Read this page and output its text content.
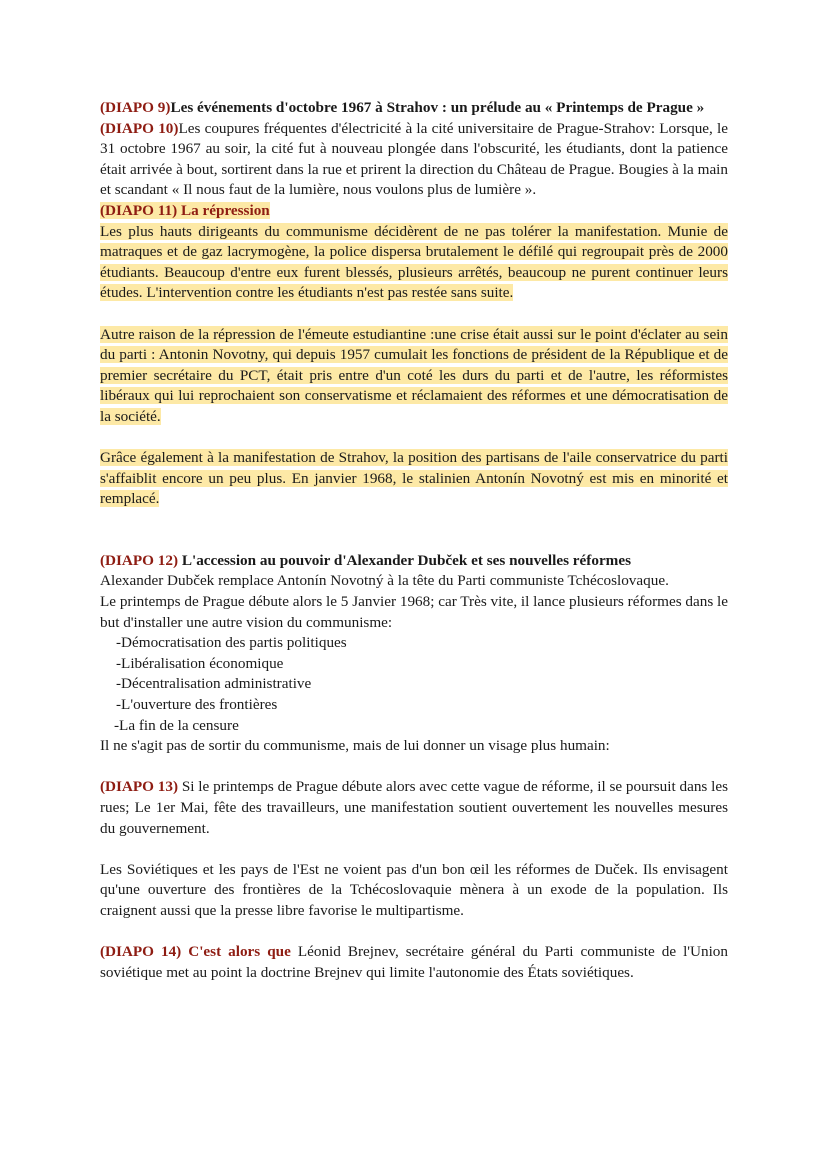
(DIAPO 9)Les événements d'octobre 1967 à Strahov : un prélude au « Printemps de Prague »

(DIAPO 10)Les coupures fréquentes d'électricité à la cité universitaire de Prague-Strahov: Lorsque, le 31 octobre 1967 au soir, la cité fut à nouveau plongée dans l'obscurité, les étudiants, dont la patience était arrivée à bout, sortirent dans la rue et prirent la direction du Château de Prague. Bougies à la main et scandant « Il nous faut de la lumière, nous voulons plus de lumière ».

(DIAPO 11) La répression

Les plus hauts dirigeants du communisme décidèrent de ne pas tolérer la manifestation. Munie de matraques et de gaz lacrymogène, la police dispersa brutalement le défilé qui regroupait près de 2000 étudiants. Beaucoup d'entre eux furent blessés, plusieurs arrêtés, beaucoup ne purent continuer leurs études. L'intervention contre les étudiants n'est pas restée sans suite.

Autre raison de la répression de l'émeute estudiantine :une crise était aussi sur le point d'éclater au sein du parti : Antonin Novotny, qui depuis 1957 cumulait les fonctions de président de la République et de premier secrétaire du PCT, était pris entre d'un coté les durs du parti et de l'autre, les réformistes libéraux qui lui reprochaient son conservatisme et réclamaient des réformes et une démocratisation de la société.

Grâce également à la manifestation de Strahov, la position des partisans de l'aile conservatrice du parti s'affaiblit encore un peu plus. En janvier 1968, le stalinien Antonín Novotný est mis en minorité et remplacé.

(DIAPO 12) L'accession au pouvoir d'Alexander Dubček et ses nouvelles réformes

Alexander Dubček remplace Antonín Novotný à la tête du Parti communiste Tchécoslovaque.

Le printemps de Prague débute alors le 5 Janvier 1968; car Très vite, il lance plusieurs réformes dans le but d'installer une autre vision du communisme:

-Démocratisation des partis politiques
-Libéralisation économique
-Décentralisation administrative
-L'ouverture des frontières
-La fin de la censure

Il ne s'agit pas de sortir du communisme, mais de lui donner un visage plus humain:

(DIAPO 13) Si le printemps de Prague débute alors avec cette vague de réforme, il se poursuit dans les rues; Le 1er Mai, fête des travailleurs, une manifestation soutient ouvertement les nouvelles mesures du gouvernement.

Les Soviétiques et les pays de l'Est ne voient pas d'un bon œil les réformes de Duček. Ils envisagent qu'une ouverture des frontières de la Tchécoslovaquie mènera à un exode de la population. Ils craignent aussi que la presse libre favorise le multipartisme.

(DIAPO 14) C'est alors que Léonid Brejnev, secrétaire général du Parti communiste de l'Union soviétique met au point la doctrine Brejnev qui limite l'autonomie des États soviétiques.
